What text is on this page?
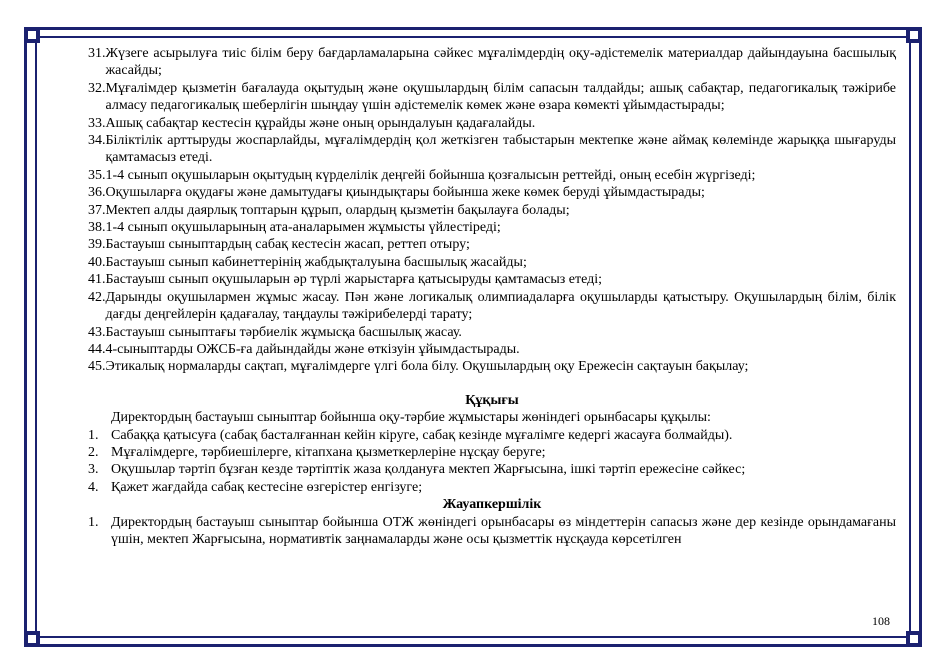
31. Жүзеге асырылуға тиіс білім беру бағдарламаларына сәйкес мұғалімдердің оқу-әдістемелік материалдар дайындауына басшылық жасайды;
32. Мұғалімдер қызметін бағалауда оқытудың және оқушылардың білім сапасын талдайды; ашық сабақтар, педагогикалық тәжірибе алмасу педагогикалық шеберлігін шыңдау үшін әдістемелік көмек және өзара көмекті ұйымдастырады;
33. Ашық сабақтар кестесін құрайды және оның орындалуын қадағалайды.
34. Біліктілік арттыруды жоспарлайды, мұғалімдердің қол жеткізген табыстарын мектепке және аймақ көлемінде жарыққа шығаруды қамтамасыз етеді.
35. 1-4 сынып оқушыларын оқытудың күрделілік деңгейі бойынша қозғалысын реттейді, оның есебін жүргізеді;
36. Оқушыларға оқудағы және дамытудағы қиындықтары бойынша жеке көмек беруді ұйымдастырады;
37. Мектеп алды даярлық топтарын құрып, олардың қызметін бақылауға болады;
38. 1-4 сынып оқушыларының ата-аналарымен жұмысты үйлестіреді;
39. Бастауыш сыныптардың сабақ кестесін жасап, реттеп отыру;
40. Бастауыш сынып кабинеттерінің жабдықталуына басшылық жасайды;
41. Бастауыш сынып оқушыларын әр түрлі жарыстарға қатысыруды қамтамасыз етеді;
42. Дарынды оқушылармен жұмыс жасау. Пән және логикалық олимпиадаларға оқушыларды қатыстыру. Оқушылардың білім, білік дағды деңгейлерін қадағалау, таңдаулы тәжірибелерді тарату;
43. Бастауыш сыныптағы тәрбиелік жұмысқа басшылық жасау.
44. 4-сыныптарды ОЖСБ-ға дайындайды және өткізуін ұйымдастырады.
45. Этикалық нормаларды сақтап, мұғалімдерге үлгі бола білу. Оқушылардың оқу Ережесін сақтауын бақылау;
Құқығы
Директордың бастауыш сыныптар бойынша оқу-тәрбие жұмыстары жөніндегі орынбасары құқылы:
1. Сабаққа қатысуға (сабақ басталғаннан кейін кіруге, сабақ кезінде мұғалімге кедергі жасауға болмайды).
2. Мұғалімдерге, тәрбиешілерге, кітапхана қызметкерлеріне нұсқау беруге;
3. Оқушылар тәртіп бұзған кезде тәртіптік жаза қолдануға мектеп Жарғысына, ішкі тәртіп ережесіне сәйкес;
4. Қажет жағдайда сабақ кестесіне өзгерістер енгізуге;
Жауапкершілік
1. Директордың бастауыш сыныптар бойынша ОТЖ жөніндегі орынбасары өз міндеттерін сапасыз және дер кезінде орындамағаны үшін, мектеп Жарғысына, нормативтік заңнамаларды және осы қызметтік нұсқауда көрсетілген
108
